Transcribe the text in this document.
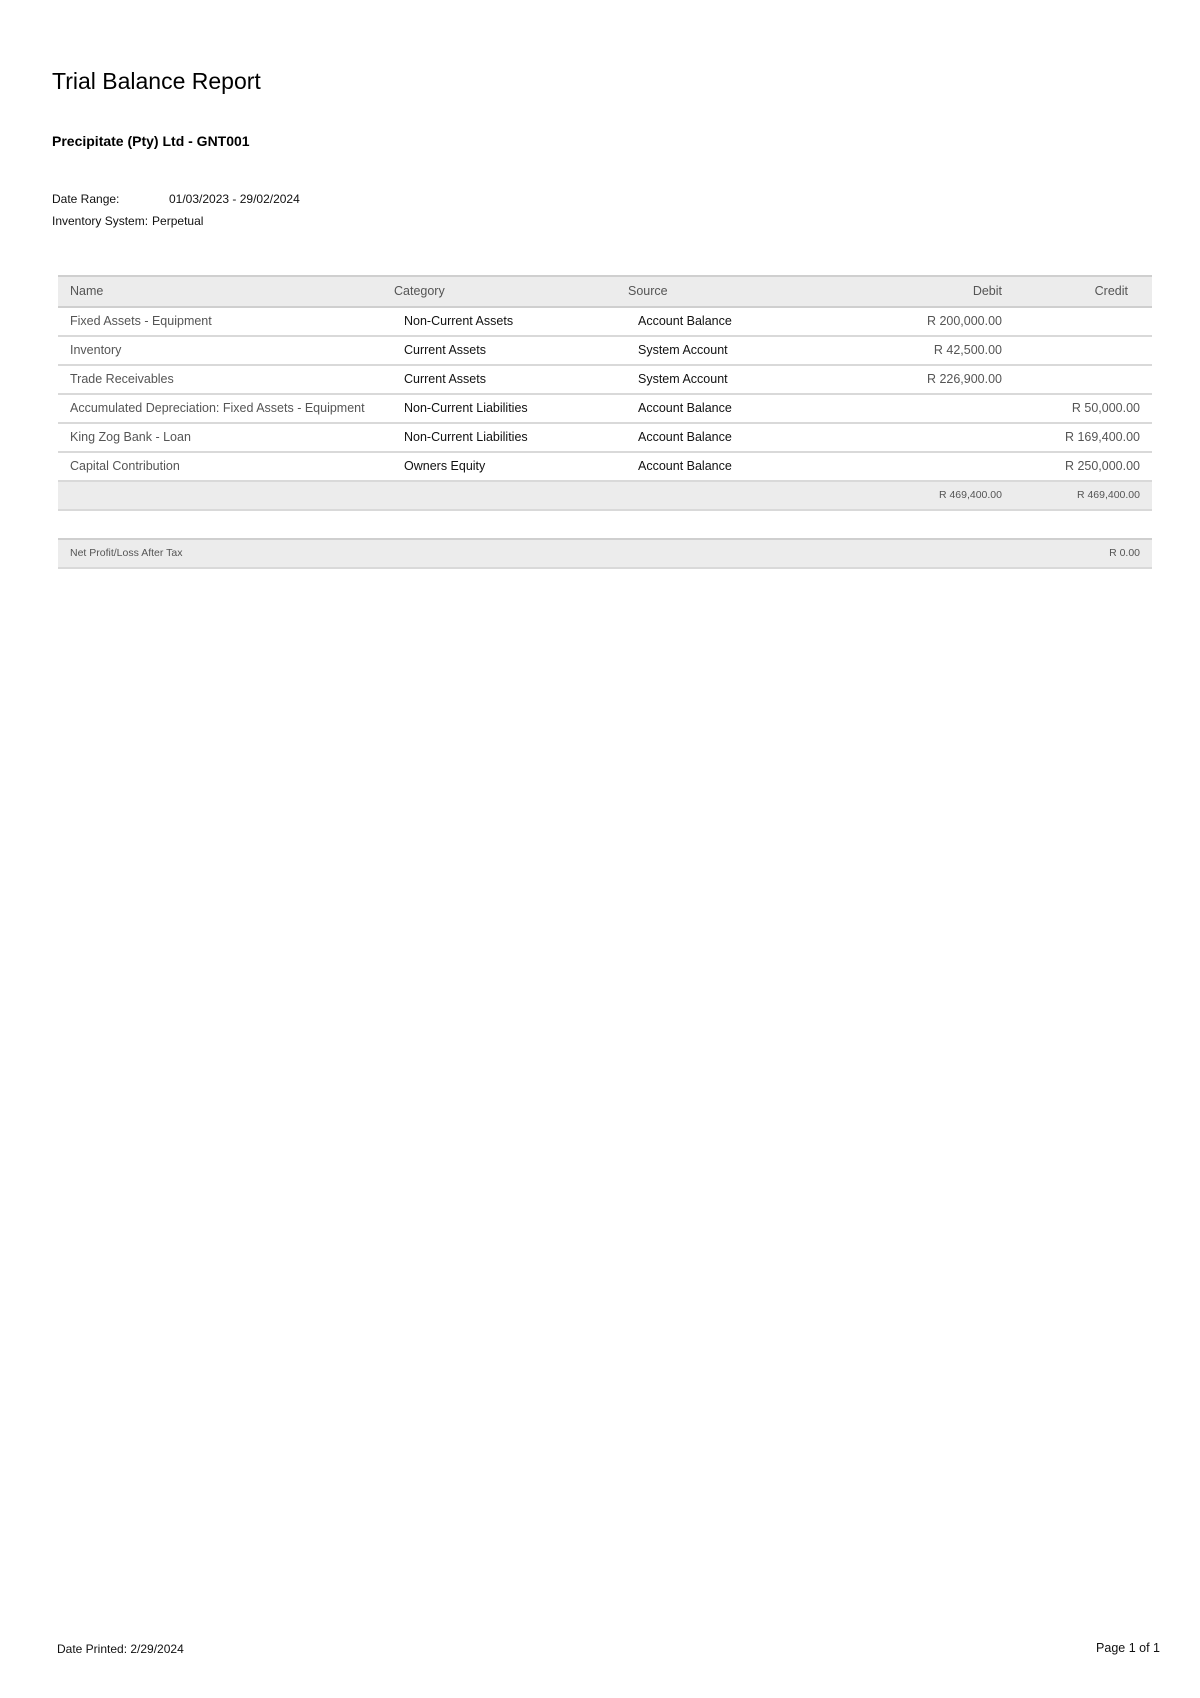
Trial Balance Report
Precipitate (Pty) Ltd - GNT001
Date Range:	01/03/2023 - 29/02/2024
Inventory System: Perpetual
Name	Category	Source	Debit	Credit
Fixed Assets - Equipment	Non-Current Assets	Account Balance	R 200,000.00	
Inventory	Current Assets	System Account	R 42,500.00	
Trade Receivables	Current Assets	System Account	R 226,900.00	

Accumulated Depreciation: Fixed Assets - Equipment	Non-Current Liabilities	Account Balance		R 50,000.00
King Zog Bank - Loan	Non-Current Liabilities	Account Balance		R 169,400.00
Capital Contribution	Owners Equity	Account Balance		R 250,000.00
			R 469,400.00	R 469,400.00

Net Profit/Loss After Tax				R 0.00
Date Printed: 2/29/2024	Page 1 of 1
